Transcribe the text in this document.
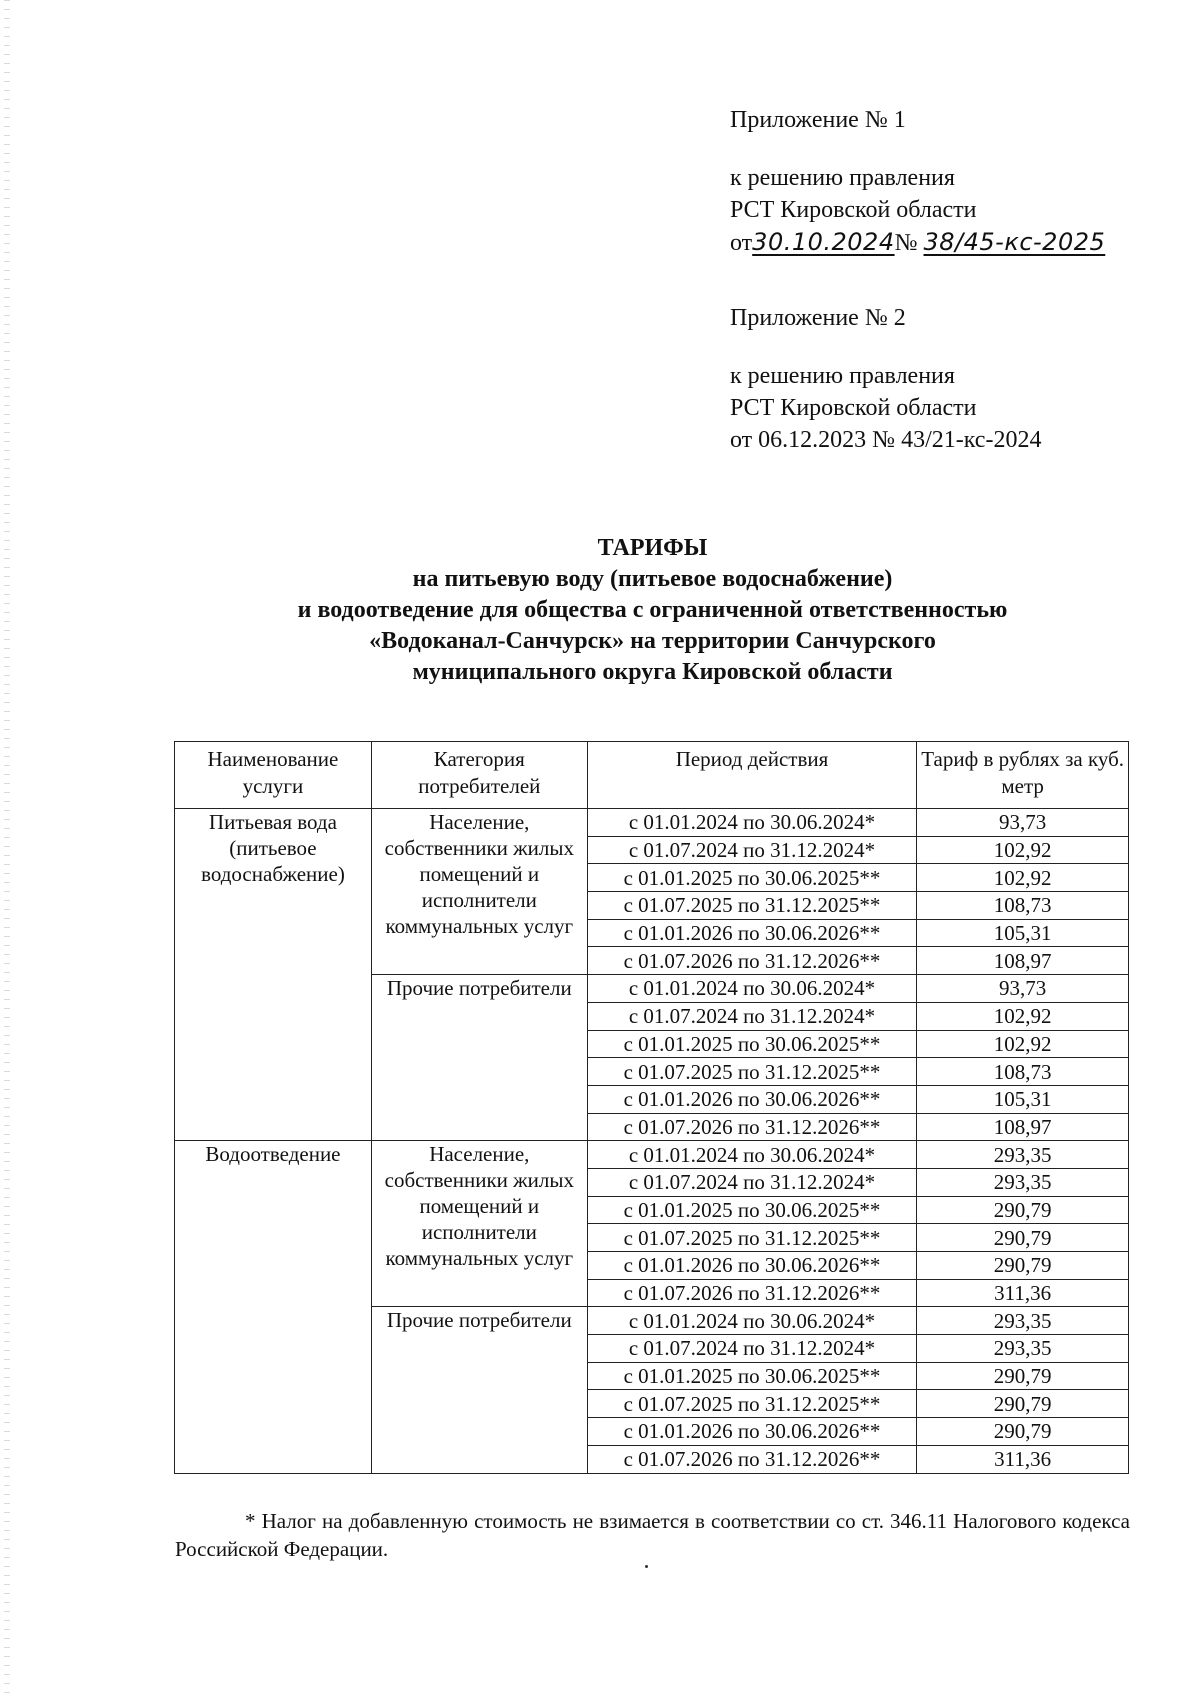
Приложение № 1
к решению правления
РСТ Кировской области
от30.10.2024№ 38/45-кс-2025
Приложение № 2
к решению правления
РСТ Кировской области
от 06.12.2023 № 43/21-кс-2024
ТАРИФЫ
на питьевую воду (питьевое водоснабжение)
и водоотведение для общества с ограниченной ответственностью
«Водоканал-Санчурск» на территории Санчурского
муниципального округа Кировской области
Наименование услуги	Категория потребителей	Период действия	Тариф в рублях за куб. метр
Питьевая вода (питьевое водоснабжение)	Население, собственники жилых помещений и исполнители коммунальных услуг	с 01.01.2024 по 30.06.2024*	93,73
		с 01.07.2024 по 31.12.2024*	102,92
		с 01.01.2025 по 30.06.2025**	102,92
		с 01.07.2025 по 31.12.2025**	108,73
		с 01.01.2026 по 30.06.2026**	105,31
		с 01.07.2026 по 31.12.2026**	108,97
	Прочие потребители	с 01.01.2024 по 30.06.2024*	93,73
		с 01.07.2024 по 31.12.2024*	102,92
		с 01.01.2025 по 30.06.2025**	102,92
		с 01.07.2025 по 31.12.2025**	108,73
		с 01.01.2026 по 30.06.2026**	105,31
		с 01.07.2026 по 31.12.2026**	108,97
Водоотведение	Население, собственники жилых помещений и исполнители коммунальных услуг	с 01.01.2024 по 30.06.2024*	293,35
		с 01.07.2024 по 31.12.2024*	293,35
		с 01.01.2025 по 30.06.2025**	290,79
		с 01.07.2025 по 31.12.2025**	290,79
		с 01.01.2026 по 30.06.2026**	290,79
		с 01.07.2026 по 31.12.2026**	311,36
	Прочие потребители	с 01.01.2024 по 30.06.2024*	293,35
		с 01.07.2024 по 31.12.2024*	293,35
		с 01.01.2025 по 30.06.2025**	290,79
		с 01.07.2025 по 31.12.2025**	290,79
		с 01.01.2026 по 30.06.2026**	290,79
		с 01.07.2026 по 31.12.2026**	311,36
* Налог на добавленную стоимость не взимается в соответствии со ст. 346.11 Налогового кодекса Российской Федерации.
